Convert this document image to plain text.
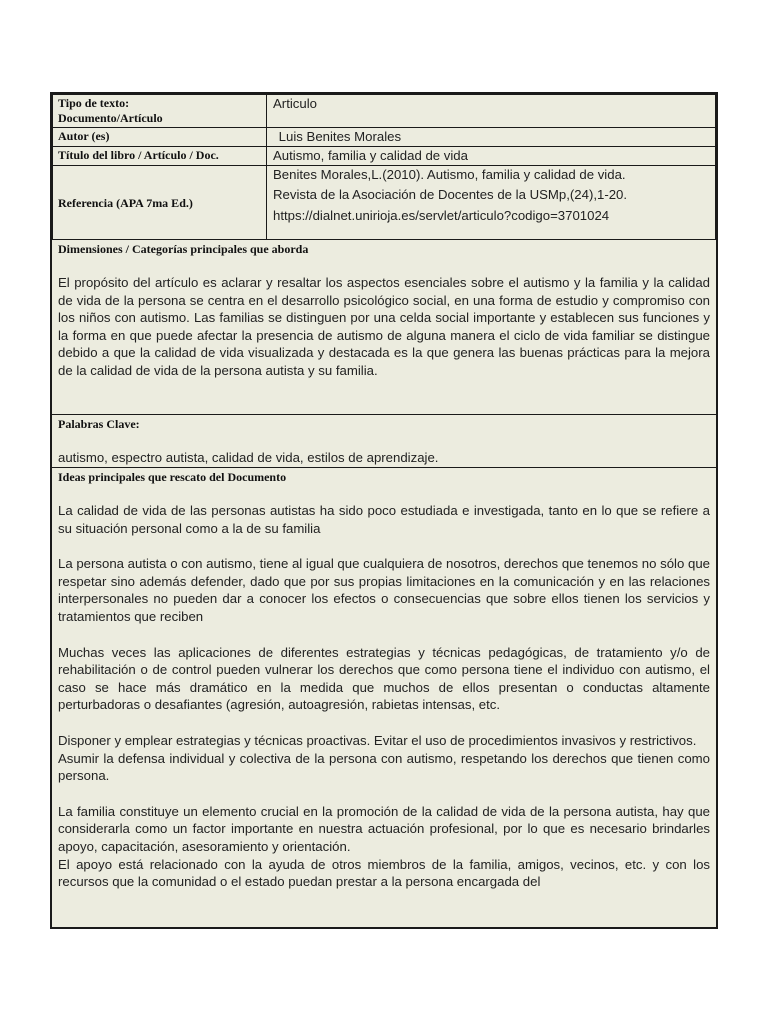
Tipo de texto:
Documento/Artículo	Articulo
Autor (es)	Luis Benites Morales
Título del libro / Artículo / Doc.	Autismo, familia y calidad de vida
Referencia (APA 7ma Ed.)	Benites Morales,L.(2010). Autismo, familia y calidad de vida.
Revista de la Asociación de Docentes de la USMp,(24),1-20.
https://dialnet.unirioja.es/servlet/articulo?codigo=3701024
Dimensiones / Categorías principales que aborda

El propósito del artículo es aclarar y resaltar los aspectos esenciales sobre el autismo y la familia y la calidad de vida de la persona se centra en el desarrollo psicológico social, en una forma de estudio y compromiso con los niños con autismo. Las familias se distinguen por una celda social importante y establecen sus funciones y la forma en que puede afectar la presencia de autismo de alguna manera el ciclo de vida familiar se distingue debido a que la calidad de vida visualizada y destacada es la que genera las buenas prácticas para la mejora de la calidad de vida de la persona autista y su familia.

Palabras Clave:

autismo, espectro autista, calidad de vida, estilos de aprendizaje.

Ideas principales que rescato del Documento

La calidad de vida de las personas autistas ha sido poco estudiada e investigada, tanto en lo que se refiere a su situación personal como a la de su familia

La persona autista o con autismo, tiene al igual que cualquiera de nosotros, derechos que tenemos no sólo que respetar sino además defender, dado que por sus propias limitaciones en la comunicación y en las relaciones interpersonales no pueden dar a conocer los efectos o consecuencias que sobre ellos tienen los servicios y tratamientos que reciben

Muchas veces las aplicaciones de diferentes estrategias y técnicas pedagógicas, de tratamiento y/o de rehabilitación o de control pueden vulnerar los derechos que como persona tiene el individuo con autismo, el caso se hace más dramático en la medida que muchos de ellos presentan o conductas altamente perturbadoras o desafiantes (agresión, autoagresión, rabietas intensas, etc.

Disponer y emplear estrategias y técnicas proactivas. Evitar el uso de procedimientos invasivos y restrictivos.

Asumir la defensa individual y colectiva de la persona con autismo, respetando los derechos que tienen como persona.

La familia constituye un elemento crucial en la promoción de la calidad de vida de la persona autista, hay que considerarla como un factor importante en nuestra actuación profesional, por lo que es necesario brindarles apoyo, capacitación, asesoramiento y orientación.

El apoyo está relacionado con la ayuda de otros miembros de la familia, amigos, vecinos, etc. y con los recursos que la comunidad o el estado puedan prestar a la persona encargada del
